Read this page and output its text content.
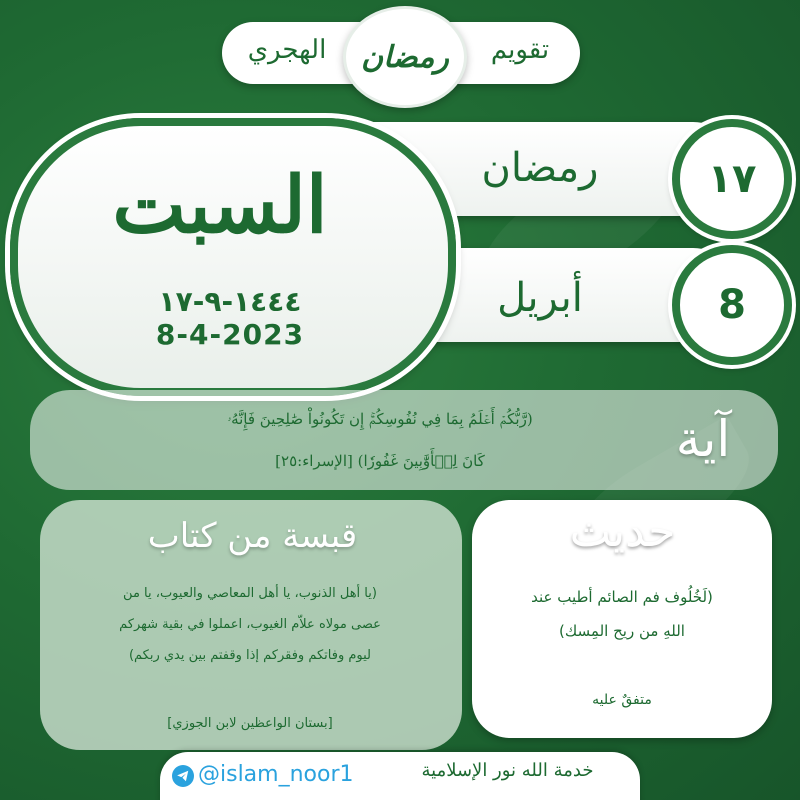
الهجري	تقويم
رمضان
رمضان	١٧
أبريل	8
السبت
١٤٤٤-٩-١٧
8-4-2023
آية
(رَّبُّكُمۡ أَعۡلَمُ بِمَا فِي نُفُوسِكُمۡۚ إِن تَكُونُواْ صَٰلِحِينَ فَإِنَّهُۥ
كَانَ لِلۡأَوَّٰبِينَ غَفُورٗا) [الإسراء:٢٥]
قبسة من كتاب
(يا أهل الذنوب، يا أهل المعاصي والعيوب، يا من
عصى مولاه علاّم الغيوب، اعملوا في بقية شهركم
ليوم وفاتكم وفقركم إذا وقفتم بين يدي ربكم)
[بستان الواعظين لابن الجوزي]
حديث
(لَخُلُوف فم الصائم أطيب عند
اللهِ من ريح المِسك)
متفقٌ عليه
@islam_noor1	خدمة الله نور الإسلامية
